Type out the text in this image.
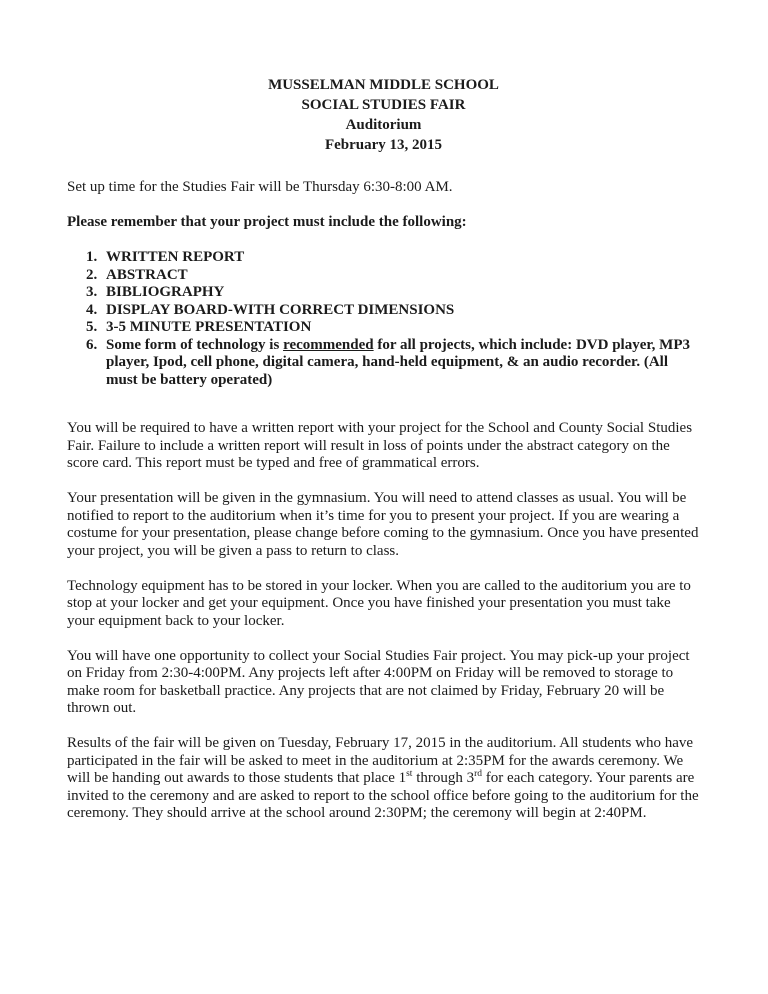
MUSSELMAN MIDDLE SCHOOL
SOCIAL STUDIES FAIR
Auditorium
February 13, 2015

Set up time for the Studies Fair will be Thursday 6:30-8:00 AM.

Please remember that your project must include the following:

1. WRITTEN REPORT
2. ABSTRACT
3. BIBLIOGRAPHY
4. DISPLAY BOARD-WITH CORRECT DIMENSIONS
5. 3-5 MINUTE PRESENTATION
6. Some form of technology is recommended for all projects, which include: DVD player, MP3 player, Ipod, cell phone, digital camera, hand-held equipment, & an audio recorder. (All must be battery operated)

You will be required to have a written report with your project for the School and County Social Studies Fair. Failure to include a written report will result in loss of points under the abstract category on the score card. This report must be typed and free of grammatical errors.

Your presentation will be given in the gymnasium. You will need to attend classes as usual. You will be notified to report to the auditorium when it’s time for you to present your project. If you are wearing a costume for your presentation, please change before coming to the gymnasium. Once you have presented your project, you will be given a pass to return to class.

Technology equipment has to be stored in your locker. When you are called to the auditorium you are to stop at your locker and get your equipment. Once you have finished your presentation you must take your equipment back to your locker.

You will have one opportunity to collect your Social Studies Fair project. You may pick-up your project on Friday from 2:30-4:00PM. Any projects left after 4:00PM on Friday will be removed to storage to make room for basketball practice. Any projects that are not claimed by Friday, February 20 will be thrown out.

Results of the fair will be given on Tuesday, February 17, 2015 in the auditorium. All students who have participated in the fair will be asked to meet in the auditorium at 2:35PM for the awards ceremony. We will be handing out awards to those students that place 1st through 3rd for each category. Your parents are invited to the ceremony and are asked to report to the school office before going to the auditorium for the ceremony. They should arrive at the school around 2:30PM; the ceremony will begin at 2:40PM.
